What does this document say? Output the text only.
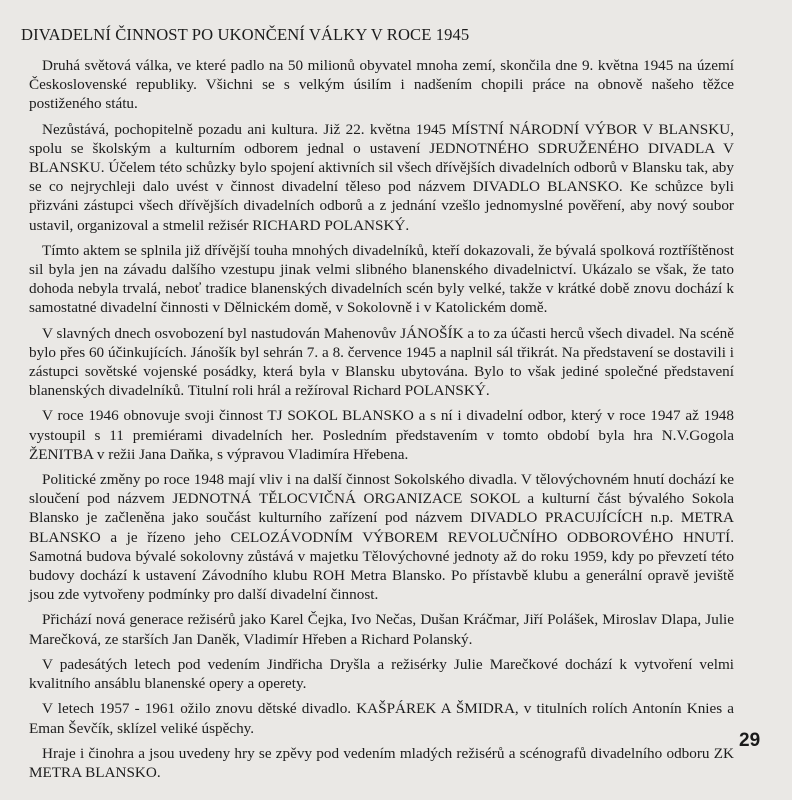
DIVADELNÍ ČINNOST PO UKONČENÍ VÁLKY V ROCE 1945

Druhá světová válka, ve které padlo na 50 milionů obyvatel mnoha zemí, skončila dne 9. května 1945 na území Československé republiky. Všichni se s velkým úsilím i nadšením chopili práce na obnově našeho těžce postiženého státu.

Nezůstává, pochopitelně pozadu ani kultura. Již 22. května 1945 MÍSTNÍ NÁRODNÍ VÝBOR V BLANSKU, spolu se školským a kulturním odborem jednal o ustavení JEDNOTNÉHO SDRUŽENÉHO DIVADLA V BLANSKU. Účelem této schůzky bylo spojení aktivních sil všech dřívějších divadelních odborů v Blansku tak, aby se co nejrychleji dalo uvést v činnost divadelní těleso pod názvem DIVADLO BLANSKO. Ke schůzce byli přizváni zástupci všech dřívějších divadelních odborů a z jednání vzešlo jednomyslné pověření, aby nový soubor ustavil, organizoval a stmelil režisér RICHARD POLANSKÝ.

Tímto aktem se splnila již dřívější touha mnohých divadelníků, kteří dokazovali, že bývalá spolková roztříštěnost sil byla jen na závadu dalšího vzestupu jinak velmi slibného blanenského divadelnictví. Ukázalo se však, že tato dohoda nebyla trvalá, neboť tradice blanenských divadelních scén byly velké, takže v krátké době znovu dochází k samostatné divadelní činnosti v Dělnickém domě, v Sokolovně i v Katolickém domě.

V slavných dnech osvobození byl nastudován Mahenovův JÁNOŠÍK a to za účasti herců všech divadel. Na scéně bylo přes 60 účinkujících. Jánošík byl sehrán 7. a 8. července 1945 a naplnil sál třikrát. Na představení se dostavili i zástupci sovětské vojenské posádky, která byla v Blansku ubytována. Bylo to však jediné společné představení blanenských divadelníků. Titulní roli hrál a režíroval Richard POLANSKÝ.

V roce 1946 obnovuje svoji činnost TJ SOKOL BLANSKO a s ní i divadelní odbor, který v roce 1947 až 1948 vystoupil s 11 premiérami divadelních her. Posledním představením v tomto období byla hra N.V.Gogola ŽENITBA v režii Jana Daňka, s výpravou Vladimíra Hřebena.

Politické změny po roce 1948 mají vliv i na další činnost Sokolského divadla. V tělovýchovném hnutí dochází ke sloučení pod názvem JEDNOTNÁ TĚLOCVIČNÁ ORGANIZACE SOKOL a kulturní část bývalého Sokola Blansko je začleněna jako součást kulturního zařízení pod názvem DIVADLO PRACUJÍCÍCH n.p. METRA BLANSKO a je řízeno jeho CELOZÁVODNÍM VÝBOREM REVOLUČNÍHO ODBOROVÉHO HNUTÍ. Samotná budova bývalé sokolovny zůstává v majetku Tělovýchovné jednoty až do roku 1959, kdy po převzetí této budovy dochází k ustavení Závodního klubu ROH Metra Blansko. Po přístavbě klubu a generální opravě jeviště jsou zde vytvořeny podmínky pro další divadelní činnost.

Přichází nová generace režisérů jako Karel Čejka, Ivo Nečas, Dušan Kráčmar, Jiří Polášek, Miroslav Dlapa, Julie Marečková, ze starších Jan Daněk, Vladimír Hřeben a Richard Polanský.

V padesátých letech pod vedením Jindřicha Dryšla a režisérky Julie Marečkové dochází k vytvoření velmi kvalitního ansáblu blanenské opery a operety.

V letech 1957 - 1961 ožilo znovu dětské divadlo. KAŠPÁREK A ŠMIDRA, v titulních rolích Antonín Knies a Eman Ševčík, sklízel veliké úspěchy.

Hraje i činohra a jsou uvedeny hry se zpěvy pod vedením mladých režisérů a scénografů divadelního odboru ZK METRA BLANSKO.

29
